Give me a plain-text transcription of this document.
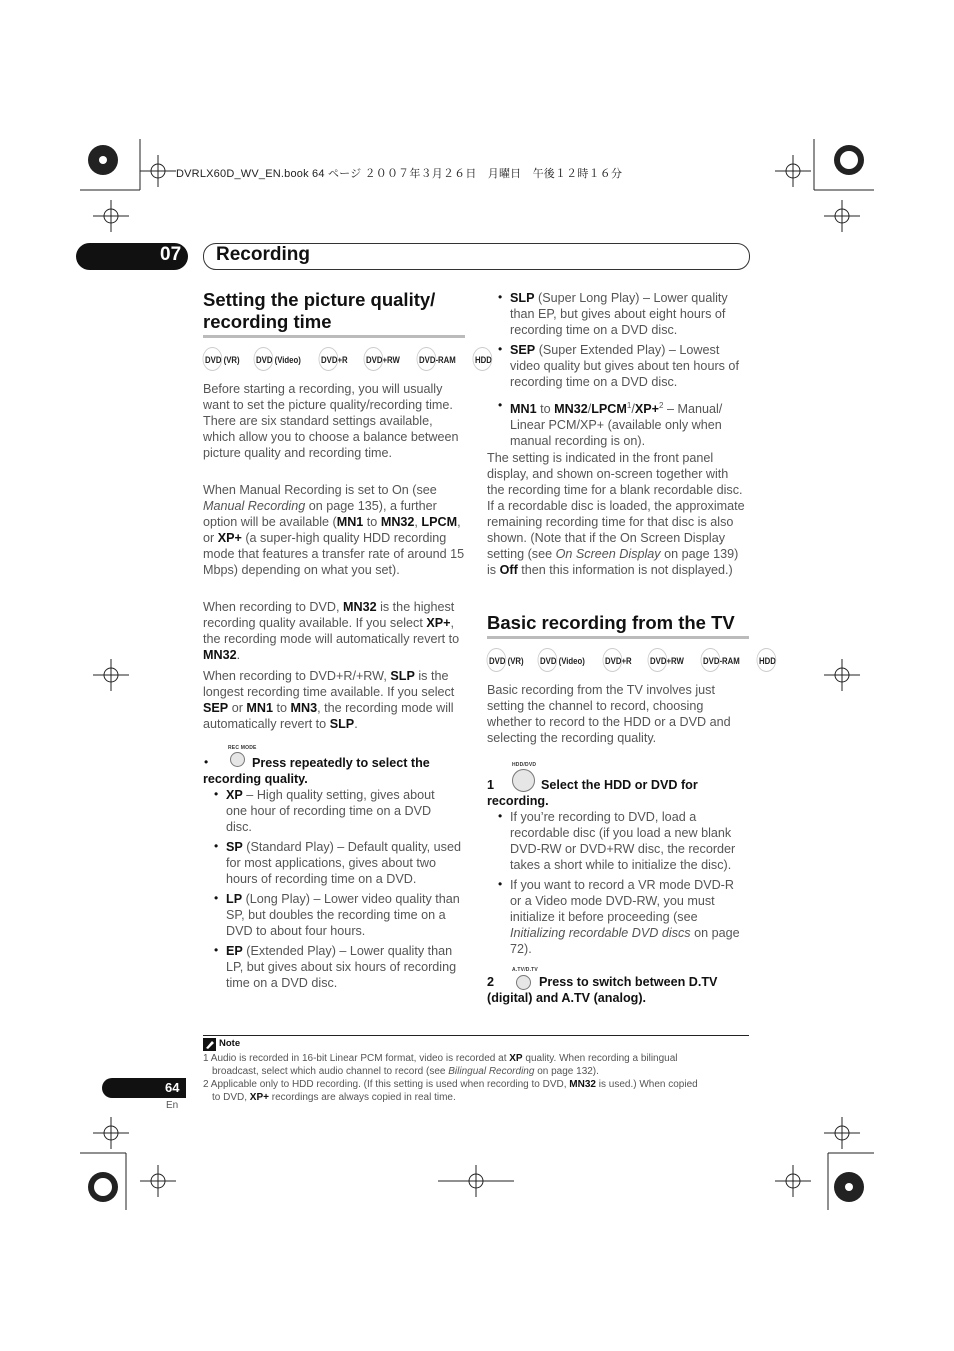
DVRLX60D_WV_EN.book 64 ページ ２００７年３月２６日　月曜日　午後１２時１６分
07 Recording
Setting the picture quality/
recording time
DVD (VR) DVD (Video) DVD+R	DVD+RW	DVD-RAM	HDD

Before starting a recording, you will usually want to set the picture quality/recording time. There are six standard settings available, which allow you to choose a balance between picture quality and recording time.

When Manual Recording is set to On (see Manual Recording on page 135), a further option will be available (MN1 to MN32, LPCM, or XP+ (a super-high quality HDD recording mode that features a transfer rate of around 15 Mbps) depending on what you set).

When recording to DVD, MN32 is the highest recording quality available. If you select XP+, the recording mode will automatically revert to MN32.

When recording to DVD+R/+RW, SLP is the longest recording time available. If you select SEP or MN1 to MN3, the recording mode will automatically revert to SLP.

REC MODE
•	Press repeatedly to select the recording quality.

• XP – High quality setting, gives about one hour of recording time on a DVD disc.

• SP (Standard Play) – Default quality, used for most applications, gives about two hours of recording time on a DVD.

• LP (Long Play) – Lower video quality than SP, but doubles the recording time on a DVD to about four hours.

• EP (Extended Play) – Lower quality than LP, but gives about six hours of recording time on a DVD disc.

• SLP (Super Long Play) – Lower quality than EP, but gives about eight hours of recording time on a DVD disc.

• SEP (Super Extended Play) – Lowest video quality but gives about ten hours of recording time on a DVD disc.

• MN1 to $MN32/LPCM^1/XP+^2$ – Manual/ Linear PCM/XP+ (available only when manual recording is on).

The setting is indicated in the front panel display, and shown on-screen together with the recording time for a blank recordable disc. If a recordable disc is loaded, the approximate remaining recording time for that disc is also shown. (Note that if the On Screen Display setting (see On Screen Display on page 139) is Off then this information is not displayed.)

Basic recording from the TV
DVD (VR) DVD (Video) DVD+R	DVD+RW	DVD-RAM	HDD

Basic recording from the TV involves just setting the channel to record, choosing whether to record to the HDD or a DVD and selecting the recording quality.

HDD/DVD
1	Select the HDD or DVD for recording.

• If you’re recording to DVD, load a recordable disc (if you load a new blank DVD-RW or DVD+RW disc, the recorder takes a short while to initialize the disc).

• If you want to record a VR mode DVD-R or a Video mode DVD-RW, you must initialize it before proceeding (see Initializing recordable DVD discs on page 72).

A.TV/D.TV
2	Press to switch between D.TV (digital) and A.TV (analog).

Note

1 Audio is recorded in 16-bit Linear PCM format, video is recorded at XP quality. When recording a bilingual
broadcast, select which audio channel to record (see Bilingual Recording on page 132).

2 Applicable only to HDD recording. (If this setting is used when recording to DVD, MN32 is used.) When copied
to DVD, XP+ recordings are always copied in real time.

64
En
